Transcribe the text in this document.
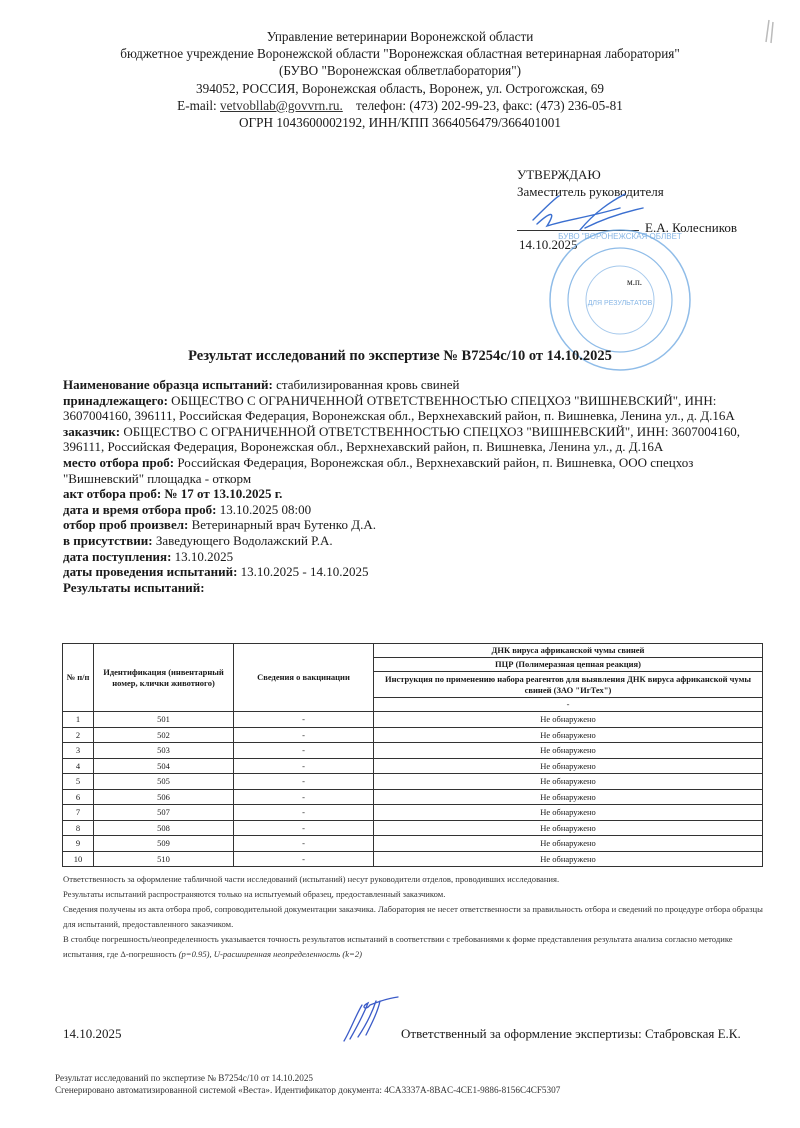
Управление ветеринарии Воронежской области
бюджетное учреждение Воронежской области "Воронежская областная ветеринарная лаборатория"
(БУВО "Воронежская облветлаборатория")
394052, РОССИЯ, Воронежская область, Воронеж, ул. Острогожская, 69
E-mail: vetvobllab@govvrn.ru. телефон: (473) 202-99-23, факс: (473) 236-05-81
ОГРН 1043600002192, ИНН/КПП 3664056479/366401001
УТВЕРЖДАЮ
Заместитель руководителя
Е.А. Колесников
14.10.2025
БУВО "ВОРОНЕЖСКАЯ ОБЛВЕТ
ДЛЯ РЕЗУЛЬТАТОВ
м.п.
Результат исследований по экспертизе № В7254с/10 от 14.10.2025
Наименование образца испытаний: стабилизированная кровь свиней
принадлежащего: ОБЩЕСТВО С ОГРАНИЧЕННОЙ ОТВЕТСТВЕННОСТЬЮ СПЕЦХОЗ "ВИШНЕВСКИЙ", ИНН: 3607004160, 396111, Российская Федерация, Воронежская обл., Верхнехавский район, п. Вишневка, Ленина ул., д. Д.16А
заказчик: ОБЩЕСТВО С ОГРАНИЧЕННОЙ ОТВЕТСТВЕННОСТЬЮ СПЕЦХОЗ "ВИШНЕВСКИЙ", ИНН: 3607004160, 396111, Российская Федерация, Воронежская обл., Верхнехавский район, п. Вишневка, Ленина ул., д. Д.16А
место отбора проб: Российская Федерация, Воронежская обл., Верхнехавский район, п. Вишневка, ООО спецхоз "Вишневский" площадка - откорм
акт отбора проб: № 17 от 13.10.2025 г.
дата и время отбора проб: 13.10.2025 08:00
отбор проб произвел: Ветеринарный врач Бутенко Д.А.
в присутствии: Заведующего Водолажский Р.А.
дата поступления: 13.10.2025
даты проведения испытаний: 13.10.2025 - 14.10.2025
Результаты испытаний:
№ п/п	Идентификация (инвентарный номер, клички животного)	Сведения о вакцинации	ДНК вируса африканской чумы свиней
			ПЦР (Полимеразная цепная реакция)
			Инструкция по применению набора реагентов для выявления ДНК вируса африканской чумы свиней (ЗАО "ИгТех")
			-
1	501	-	Не обнаружено
2	502	-	Не обнаружено
3	503	-	Не обнаружено
4	504	-	Не обнаружено
5	505	-	Не обнаружено
6	506	-	Не обнаружено
7	507	-	Не обнаружено
8	508	-	Не обнаружено
9	509	-	Не обнаружено
10	510	-	Не обнаружено
Ответственность за оформление табличной части исследований (испытаний) несут руководители отделов, проводивших исследования.
Результаты испытаний распространяются только на испытуемый образец, предоставленный заказчиком.
Сведения получены из акта отбора проб, сопроводительной документации заказчика. Лаборатория не несет ответственности за правильность отбора и сведений по процедуре отбора образцы для испытаний, предоставленного заказчиком.
В столбце погрешность/неопределенность указывается точность результатов испытаний в соответствии с требованиями к форме представления результата анализа согласно методике испытания, где Δ-погрешность (p=0.95), U-расширенная неопределенность (k=2)
14.10.2025	Ответственный за оформление экспертизы: Стабровская Е.К.
Результат исследований по экспертизе № В7254с/10 от 14.10.2025
Сгенерировано автоматизированной системой «Веста». Идентификатор документа: 4CA3337A-8BAC-4CE1-9886-8156C4CF5307
